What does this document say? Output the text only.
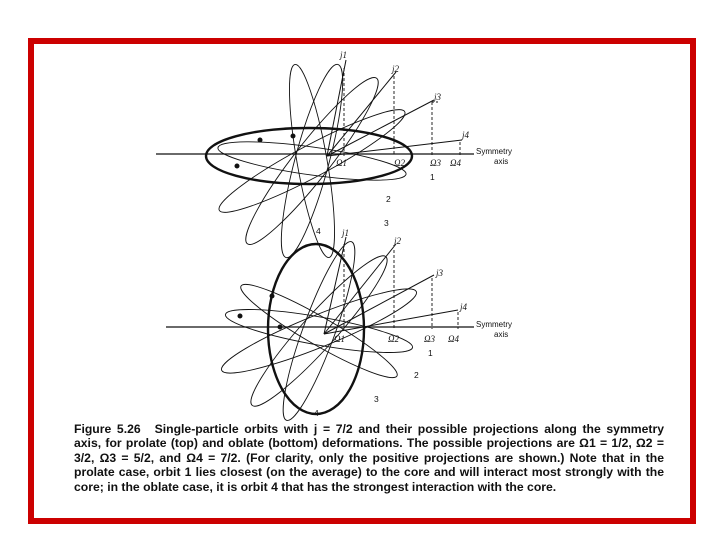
j1
j2
j3
j4
Ω1	Ω2	Ω3 Ω4
Symmetry
axis
1
2
3
4 j1
j2
j3
j4
Ω1	Ω2	Ω3 Ω4
Symmetry
axis
1
2
3
4
Figure 5.26 Single-particle orbits with j = 7/2 and their possible projections along the symmetry axis, for prolate (top) and oblate (bottom) deformations. The possible projections are Ω1 = 1/2, Ω2 = 3/2, Ω3 = 5/2, and Ω4 = 7/2. (For clarity, only the positive projections are shown.) Note that in the prolate case, orbit 1 lies closest (on the average) to the core and will interact most strongly with the core; in the oblate case, it is orbit 4 that has the strongest interaction with the core.
